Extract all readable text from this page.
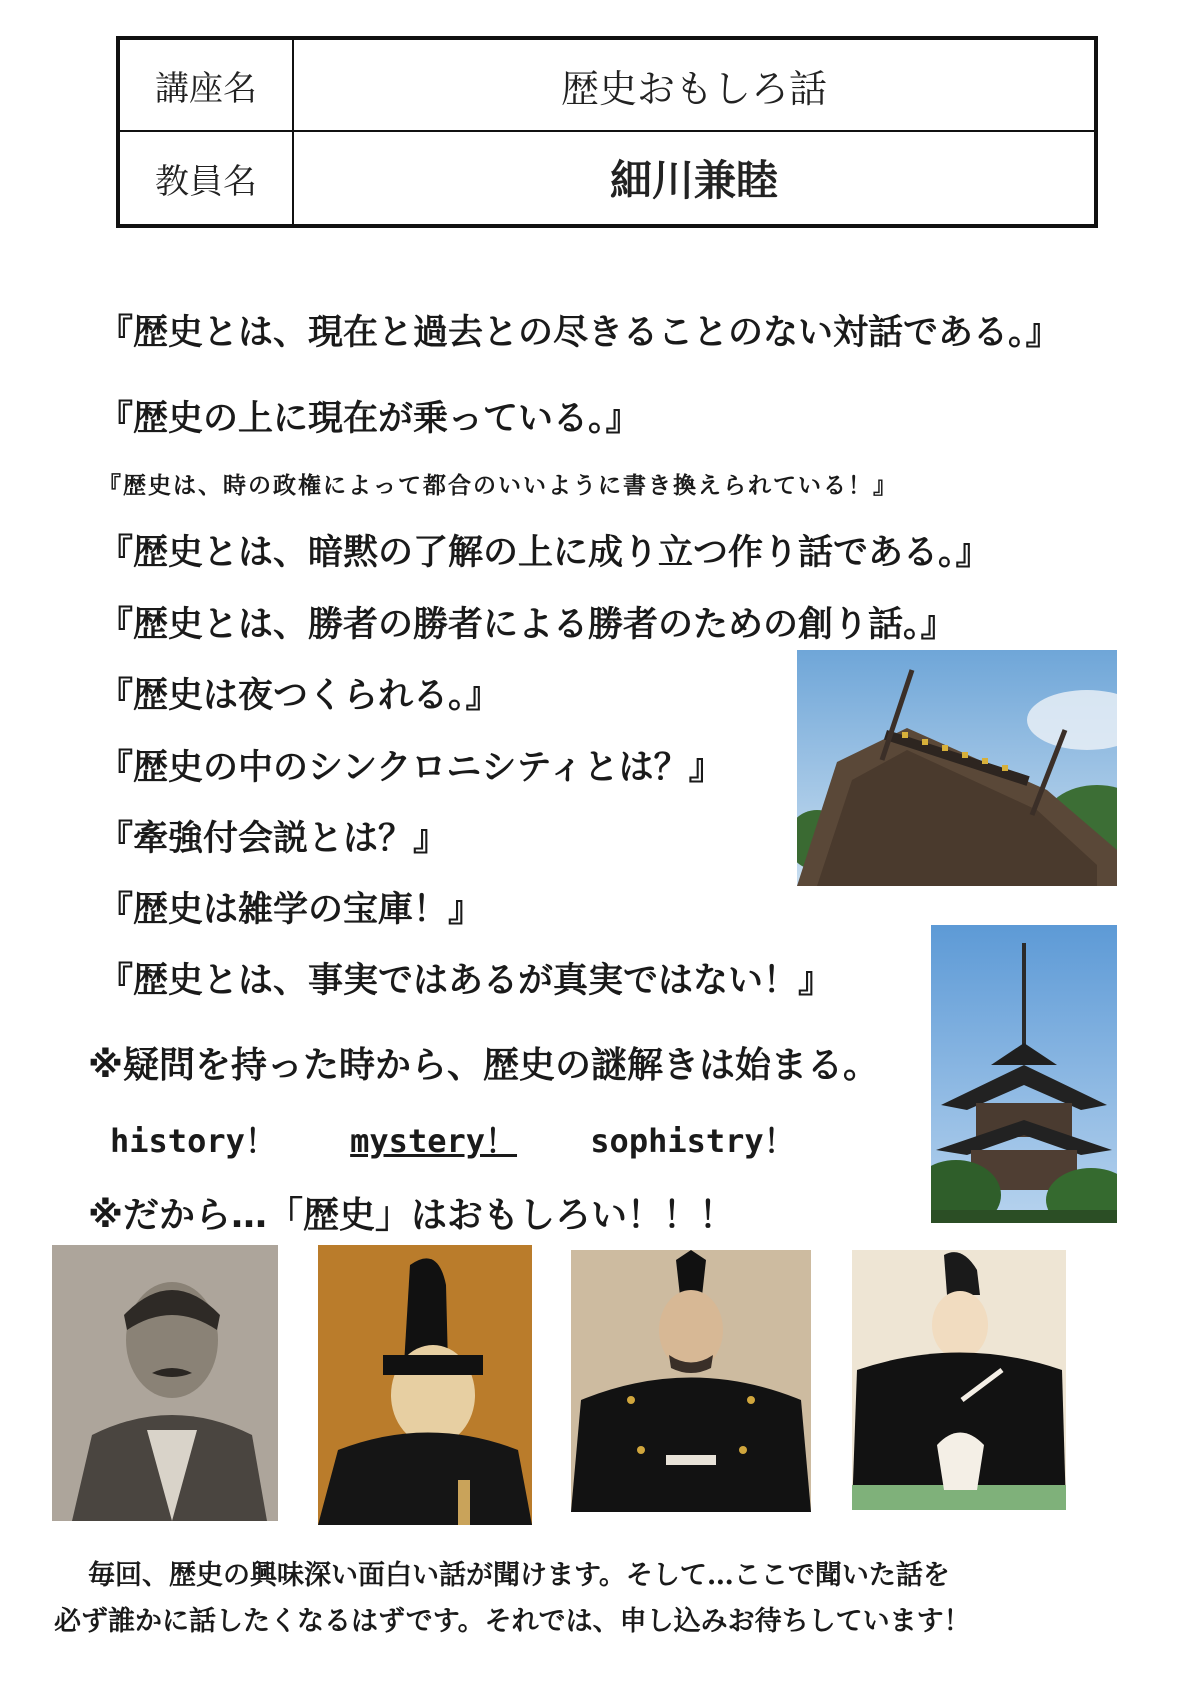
講座名	歴史おもしろ話
教員名	細川兼睦
『歴史とは、現在と過去との尽きることのない対話である。』
『歴史の上に現在が乗っている。』
『歴史は、時の政権によって都合のいいように書き換えられている！』
『歴史とは、暗黙の了解の上に成り立つ作り話である。』
『歴史とは、勝者の勝者による勝者のための創り話。』
『歴史は夜つくられる。』
『歴史の中のシンクロニシティとは？』
『牽強付会説とは？』
『歴史は雑学の宝庫！』
『歴史とは、事実ではあるが真実ではない！』
※疑問を持った時から、歴史の謎解きは始まる。
history！ mystery！ sophistry！
※だから…「歴史」はおもしろい！！！
毎回、歴史の興味深い面白い話が聞けます。そして…ここで聞いた話を
必ず誰かに話したくなるはずです。それでは、申し込みお待ちしています！
